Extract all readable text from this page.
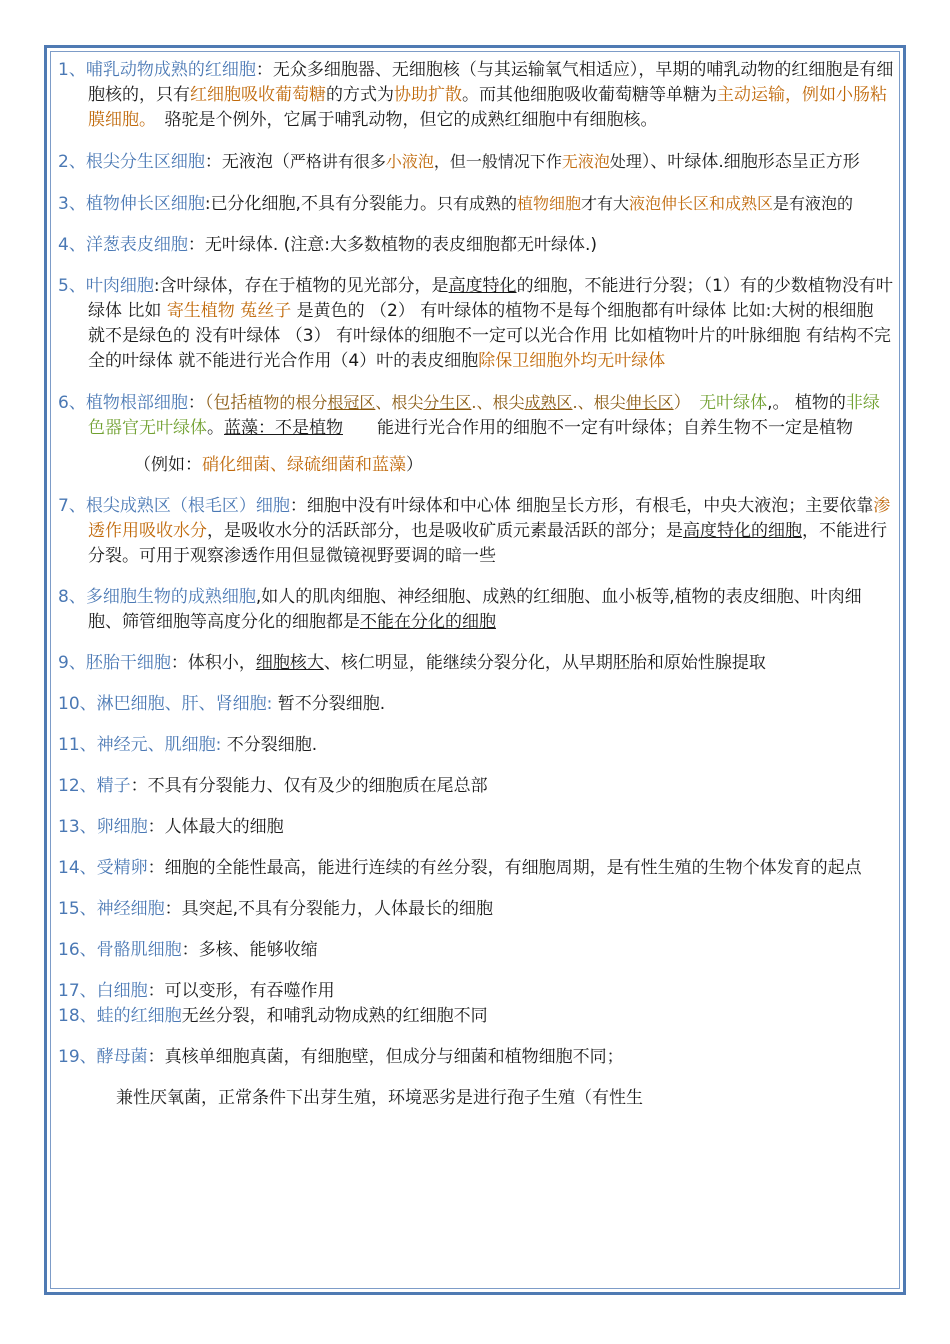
1、哺乳动物成熟的红细胞：无众多细胞器、无细胞核（与其运输氧气相适应），早期的哺乳动物的红细胞是有细胞核的，只有红细胞吸收葡萄糖的方式为协助扩散。而其他细胞吸收葡萄糖等单糖为主动运输，例如小肠粘膜细胞。　 骆驼是个例外，它属于哺乳动物，但它的成熟红细胞中有细胞核。

2、根尖分生区细胞：无液泡（严格讲有很多小液泡，但一般情况下作无液泡处理）、叶绿体.细胞形态呈正方形

3、植物伸长区细胞:已分化细胞,不具有分裂能力。只有成熟的植物细胞才有大液泡伸长区和成熟区是有液泡的

4、洋葱表皮细胞：无叶绿体. (注意:大多数植物的表皮细胞都无叶绿体.)

5、叶肉细胞:含叶绿体，存在于植物的见光部分，是高度特化的细胞，不能进行分裂；（1）有的少数植物没有叶绿体 比如 寄生植物 菟丝子 是黄色的 （2） 有叶绿体的植物不是每个细胞都有叶绿体 比如:大树的根细胞 就不是绿色的 没有叶绿体 （3） 有叶绿体的细胞不一定可以光合作用 比如植物叶片的叶脉细胞 有结构不完全的叶绿体 就不能进行光合作用（4）叶的表皮细胞除保卫细胞外均无叶绿体

6、植物根部细胞：（包括植物的根分根冠区、根尖分生区.、根尖成熟区.、根尖伸长区）　 无叶绿体,。 植物的非绿色器官无叶绿体。蓝藻：不是植物　　能进行光合作用的细胞不一定有叶绿体；自养生物不一定是植物

（例如：硝化细菌、绿硫细菌和蓝藻）

7、根尖成熟区（根毛区）细胞：细胞中没有叶绿体和中心体 细胞呈长方形，有根毛，中央大液泡；主要依靠渗透作用吸收水分，是吸收水分的活跃部分，也是吸收矿质元素最活跃的部分；是高度特化的细胞，不能进行分裂。可用于观察渗透作用但显微镜视野要调的暗一些

8、多细胞生物的成熟细胞,如人的肌肉细胞、神经细胞、成熟的红细胞、血小板等,植物的表皮细胞、叶肉细胞、筛管细胞等高度分化的细胞都是不能在分化的细胞

9、胚胎干细胞：体积小，细胞核大、核仁明显，能继续分裂分化，从早期胚胎和原始性腺提取

10、淋巴细胞、肝、肾细胞: 暂不分裂细胞.

11、神经元、肌细胞: 不分裂细胞.

12、精子：不具有分裂能力、仅有及少的细胞质在尾总部

13、卵细胞：人体最大的细胞

14、受精卵：细胞的全能性最高，能进行连续的有丝分裂，有细胞周期，是有性生殖的生物个体发育的起点

15、神经细胞：具突起,不具有分裂能力，人体最长的细胞

16、骨骼肌细胞：多核、能够收缩

17、白细胞：可以变形，有吞噬作用

18、蛙的红细胞无丝分裂，和哺乳动物成熟的红细胞不同

19、酵母菌：真核单细胞真菌，有细胞壁，但成分与细菌和植物细胞不同；

兼性厌氧菌，正常条件下出芽生殖，环境恶劣是进行孢子生殖（有性生
